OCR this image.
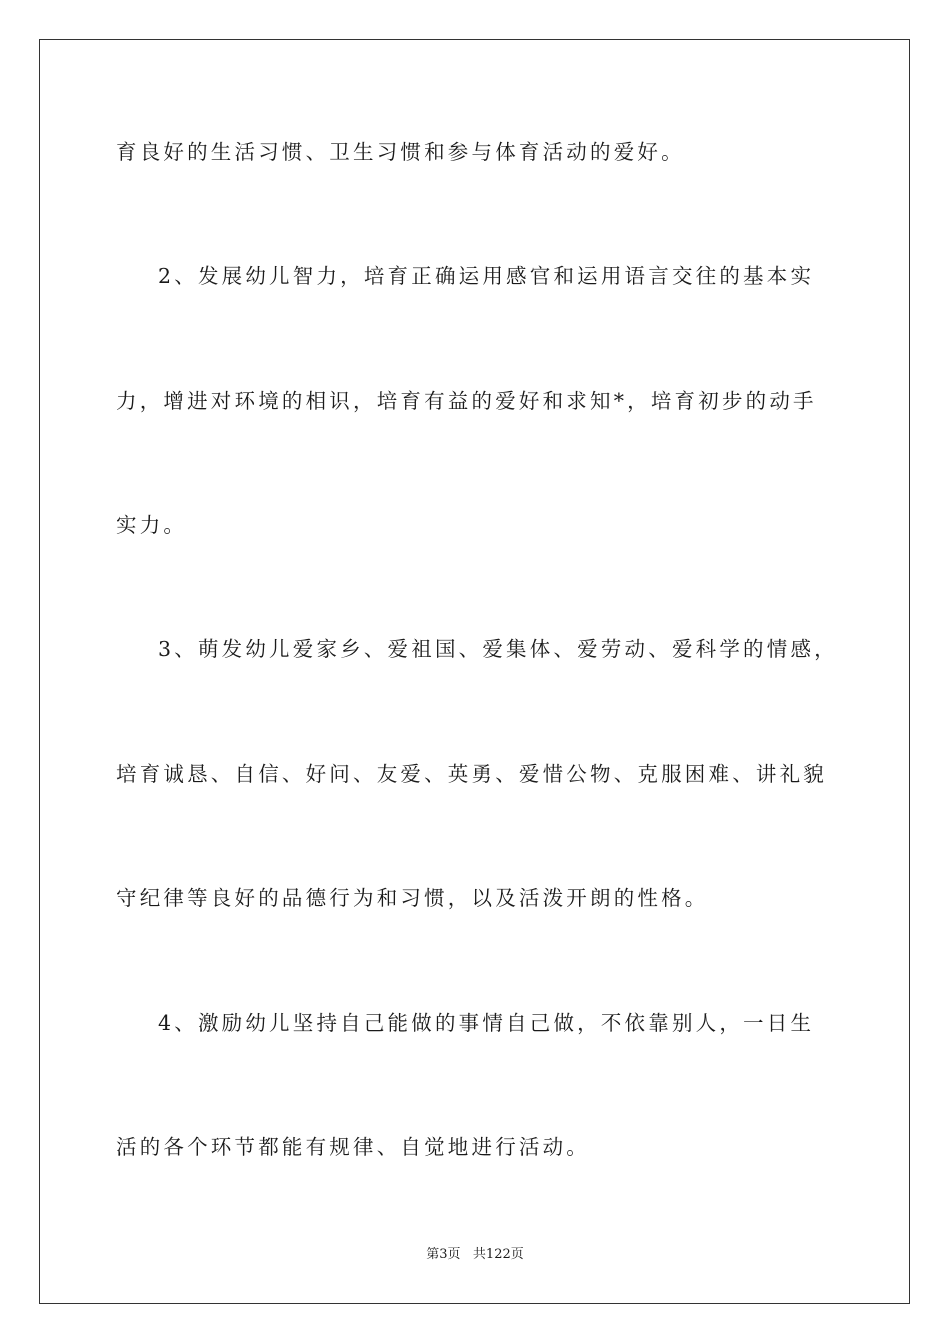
育良好的生活习惯、卫生习惯和参与体育活动的爱好。
2、发展幼儿智力，培育正确运用感官和运用语言交往的基本实
力，增进对环境的相识，培育有益的爱好和求知*，培育初步的动手
实力。
3、萌发幼儿爱家乡、爱祖国、爱集体、爱劳动、爱科学的情感，
培育诚恳、自信、好问、友爱、英勇、爱惜公物、克服困难、讲礼貌
守纪律等良好的品德行为和习惯，以及活泼开朗的性格。
4、激励幼儿坚持自己能做的事情自己做，不依靠别人，一日生
活的各个环节都能有规律、自觉地进行活动。
第3页 共122页
